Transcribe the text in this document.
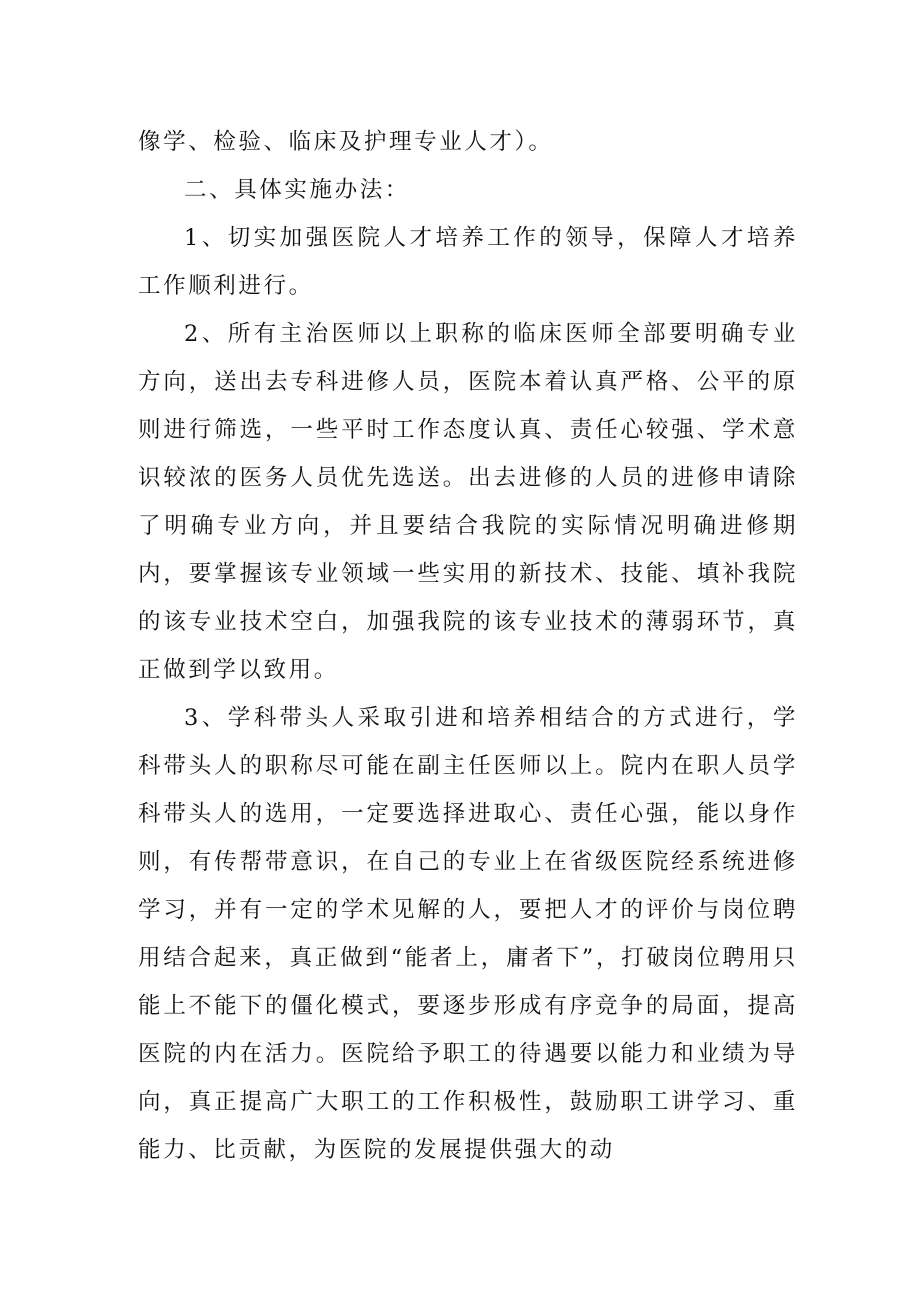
像学、检验、临床及护理专业人才）。

二、具体实施办法：

1、切实加强医院人才培养工作的领导，保障人才培养工作顺利进行。

2、所有主治医师以上职称的临床医师全部要明确专业方向，送出去专科进修人员，医院本着认真严格、公平的原则进行筛选，一些平时工作态度认真、责任心较强、学术意识较浓的医务人员优先选送。出去进修的人员的进修申请除了明确专业方向，并且要结合我院的实际情况明确进修期内，要掌握该专业领域一些实用的新技术、技能、填补我院的该专业技术空白，加强我院的该专业技术的薄弱环节，真正做到学以致用。

3、学科带头人采取引进和培养相结合的方式进行，学科带头人的职称尽可能在副主任医师以上。院内在职人员学科带头人的选用，一定要选择进取心、责任心强，能以身作则，有传帮带意识，在自己的专业上在省级医院经系统进修学习，并有一定的学术见解的人，要把人才的评价与岗位聘用结合起来，真正做到“能者上，庸者下”，打破岗位聘用只能上不能下的僵化模式，要逐步形成有序竞争的局面，提高医院的内在活力。医院给予职工的待遇要以能力和业绩为导向，真正提高广大职工的工作积极性，鼓励职工讲学习、重能力、比贡献，为医院的发展提供强大的动
